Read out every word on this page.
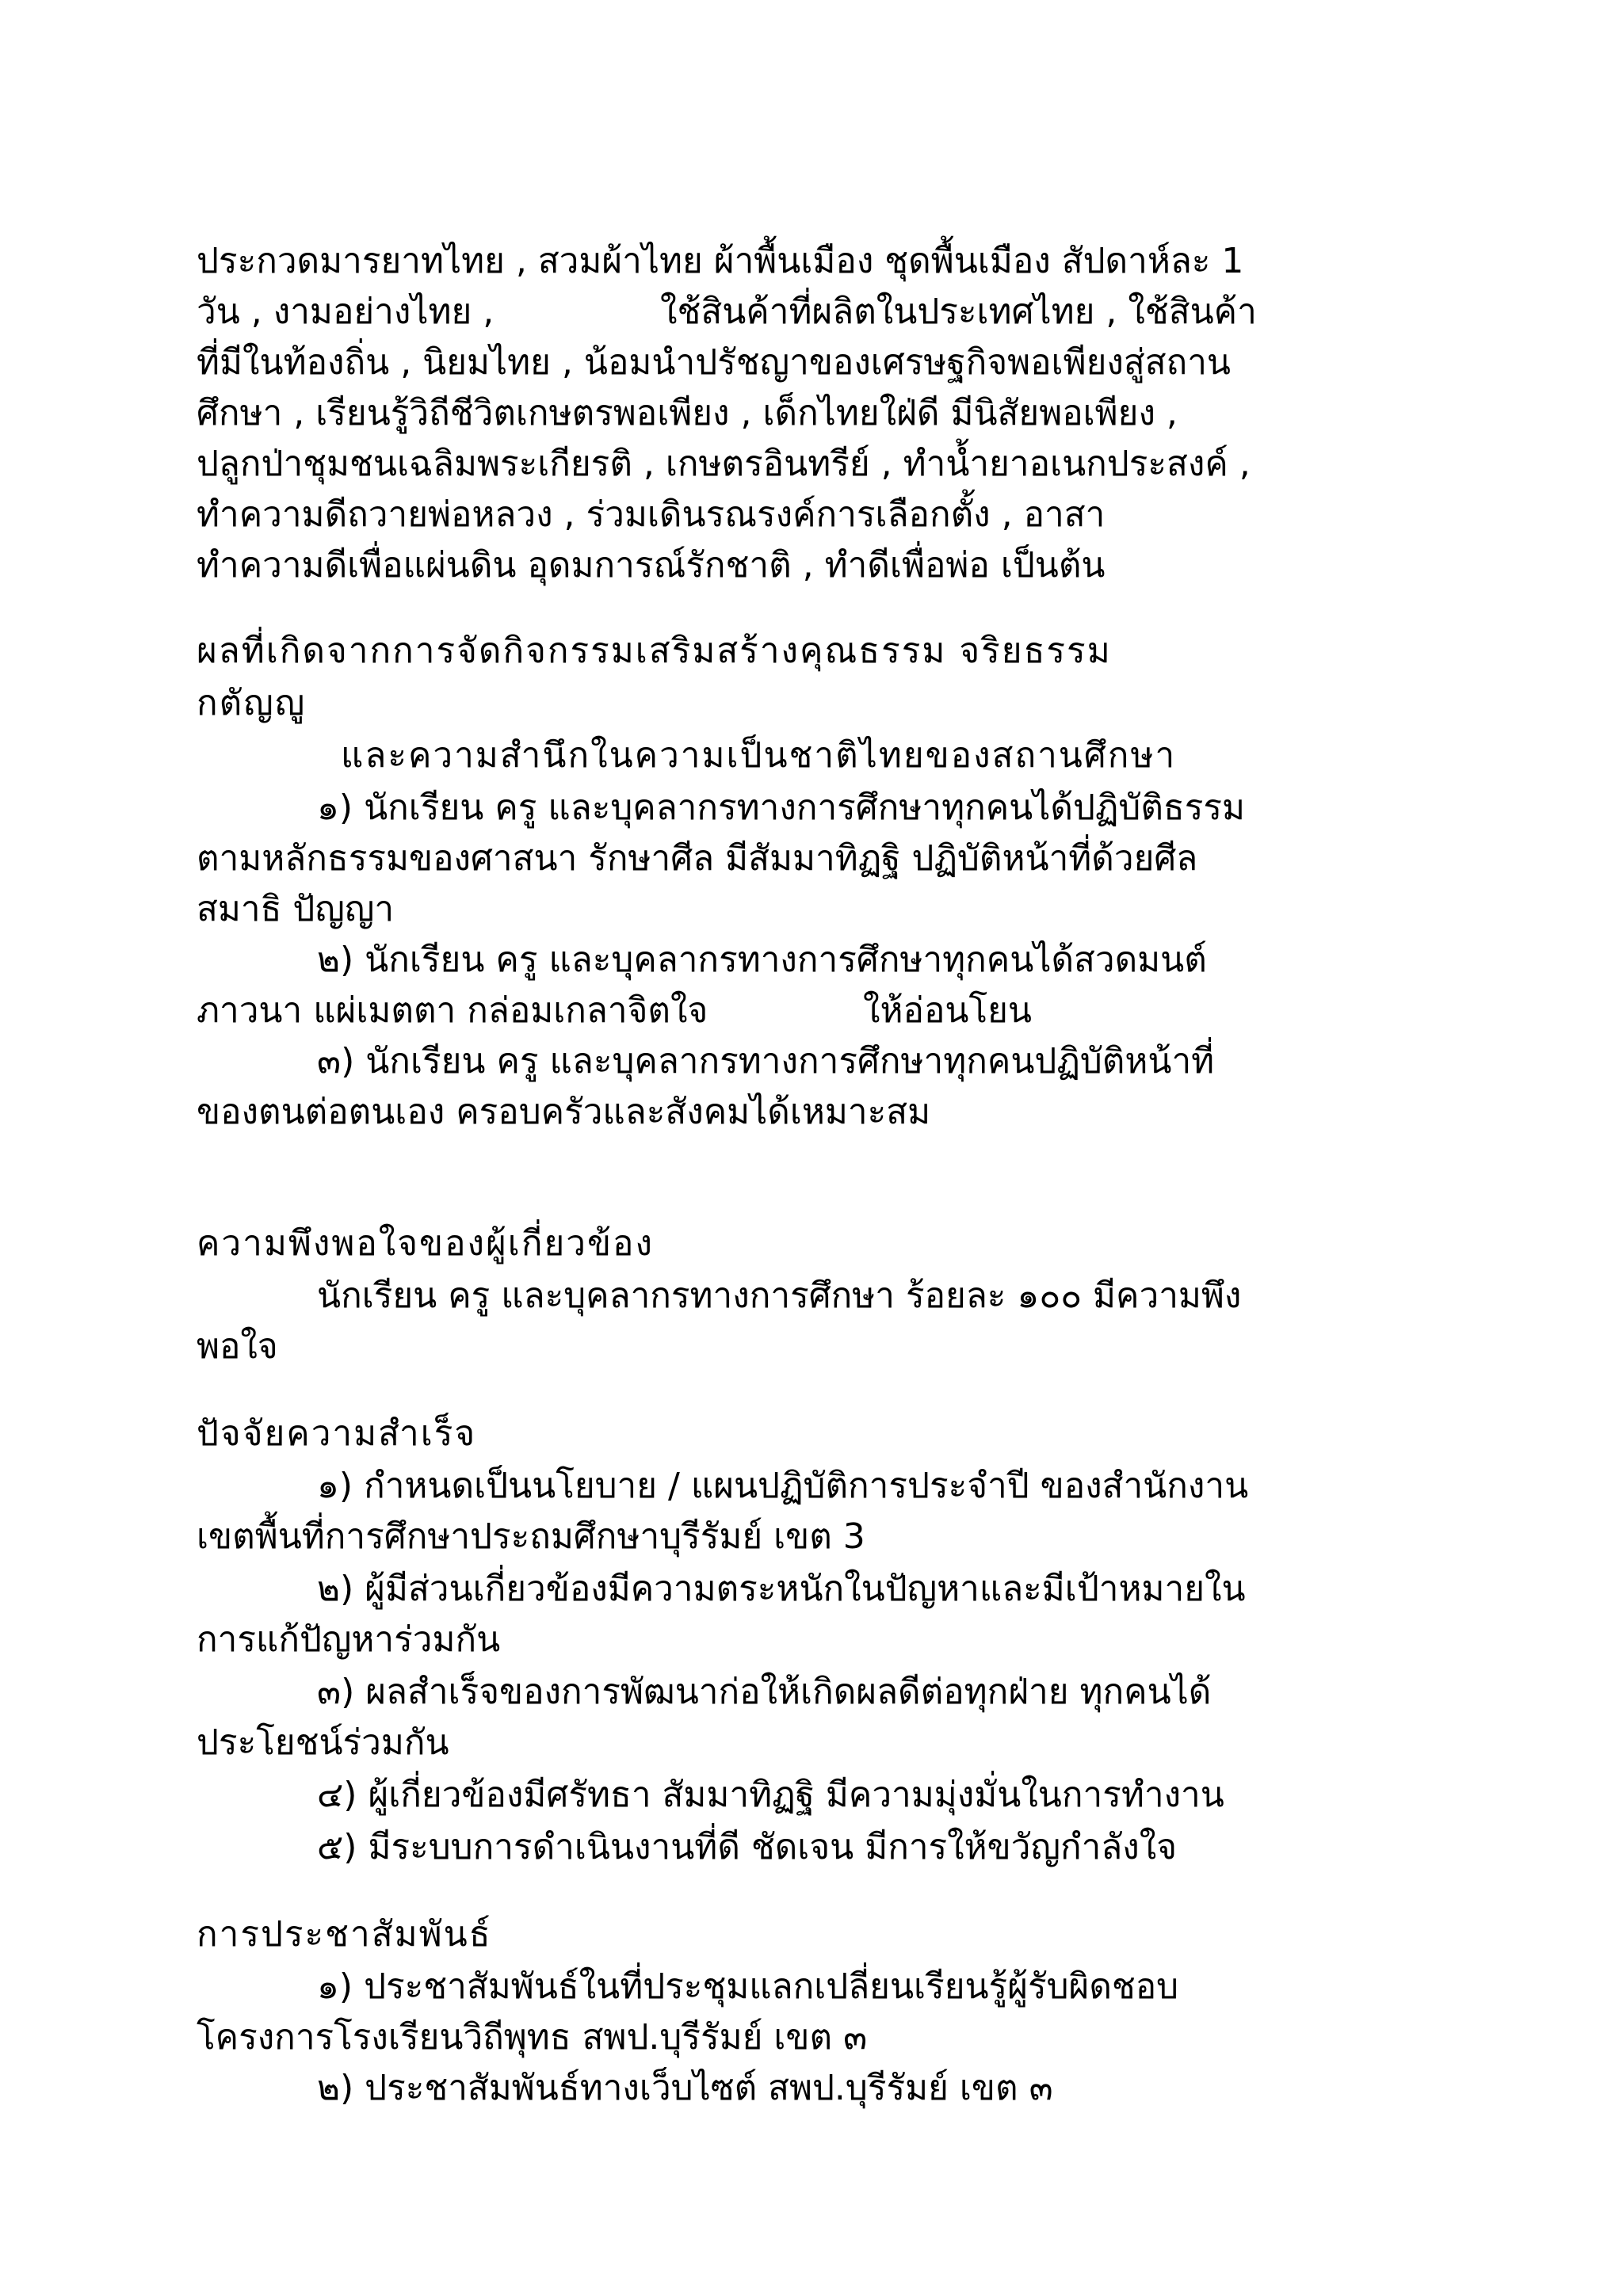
ประกวดมารยาทไทย , สวมผ้าไทย ผ้าพื้นเมือง ชุดพื้นเมือง สัปดาห์ละ 1

วัน , งามอย่างไทย ,               ใช้สินค้าที่ผลิตในประเทศไทย , ใช้สินค้า

ที่มีในท้องถิ่น , นิยมไทย , น้อมนำปรัชญาของเศรษฐกิจพอเพียงสู่สถาน

ศึกษา , เรียนรู้วิถีชีวิตเกษตรพอเพียง , เด็กไทยใฝ่ดี มีนิสัยพอเพียง ,

ปลูกป่าชุมชนเฉลิมพระเกียรติ , เกษตรอินทรีย์ , ทำน้ำยาอเนกประสงค์ ,

ทำความดีถวายพ่อหลวง , ร่วมเดินรณรงค์การเลือกตั้ง , อาสา

ทำความดีเพื่อแผ่นดิน อุดมการณ์รักชาติ , ทำดีเพื่อพ่อ เป็นต้น

ผลที่เกิดจากการจัดกิจกรรมเสริมสร้างคุณธรรม จริยธรรม

กตัญญู

และความสำนึกในความเป็นชาติไทยของสถานศึกษา

๑) นักเรียน ครู และบุคลากรทางการศึกษาทุกคนได้ปฏิบัติธรรม

ตามหลักธรรมของศาสนา รักษาศีล มีสัมมาทิฏฐิ ปฏิบัติหน้าที่ด้วยศีล

สมาธิ ปัญญา

๒) นักเรียน ครู และบุคลากรทางการศึกษาทุกคนได้สวดมนต์

ภาวนา แผ่เมตตา กล่อมเกลาจิตใจ              ให้อ่อนโยน

๓) นักเรียน ครู และบุคลากรทางการศึกษาทุกคนปฏิบัติหน้าที่

ของตนต่อตนเอง ครอบครัวและสังคมได้เหมาะสม

ความพึงพอใจของผู้เกี่ยวข้อง

นักเรียน ครู และบุคลากรทางการศึกษา ร้อยละ ๑๐๐ มีความพึง

พอใจ

ปัจจัยความสำเร็จ

๑) กำหนดเป็นนโยบาย / แผนปฏิบัติการประจำปี ของสำนักงาน

เขตพื้นที่การศึกษาประถมศึกษาบุรีรัมย์ เขต 3

๒) ผู้มีส่วนเกี่ยวข้องมีความตระหนักในปัญหาและมีเป้าหมายใน

การแก้ปัญหาร่วมกัน

๓) ผลสำเร็จของการพัฒนาก่อให้เกิดผลดีต่อทุกฝ่าย ทุกคนได้

ประโยชน์ร่วมกัน

๔) ผู้เกี่ยวข้องมีศรัทธา สัมมาทิฏฐิ มีความมุ่งมั่นในการทำงาน

๕) มีระบบการดำเนินงานที่ดี ชัดเจน มีการให้ขวัญกำลังใจ

การประชาสัมพันธ์

๑) ประชาสัมพันธ์ในที่ประชุมแลกเปลี่ยนเรียนรู้ผู้รับผิดชอบ

โครงการโรงเรียนวิถีพุทธ สพป.บุรีรัมย์ เขต ๓

๒) ประชาสัมพันธ์ทางเว็บไซต์ สพป.บุรีรัมย์ เขต ๓
